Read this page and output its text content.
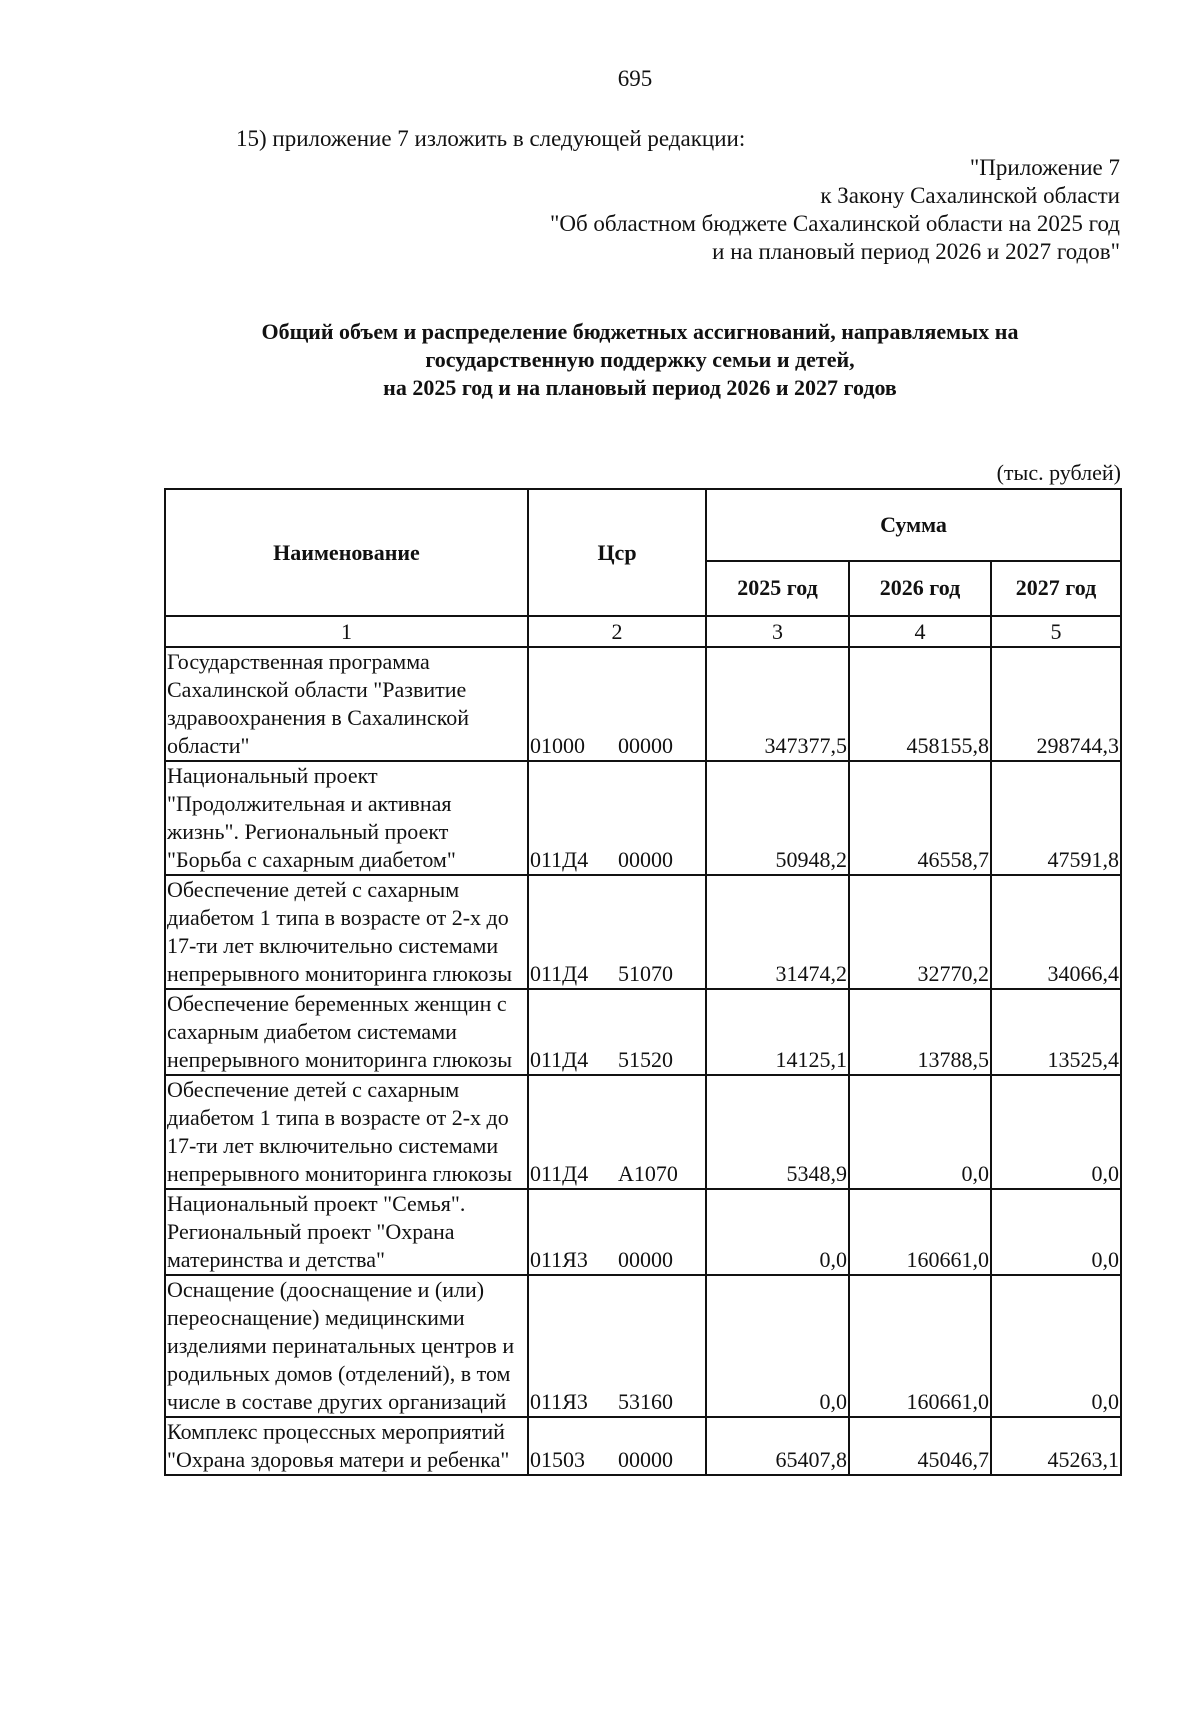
695
15) приложение 7 изложить в следующей редакции:
"Приложение 7
к Закону Сахалинской области
"Об областном бюджете Сахалинской области на 2025 год
и на плановый период 2026 и 2027 годов"
Общий объем и распределение бюджетных ассигнований, направляемых на
государственную поддержку семьи и детей,
на 2025 год и на плановый период 2026 и 2027 годов
(тыс. рублей)
Наименование	Цср	Сумма		
		2025 год	2026 год	2027 год
1	2	3	4	5
Государственная программа Сахалинской области "Развитие здравоохранения в Сахалинской области"	01000 00000	347377,5	458155,8	298744,3
Национальный проект "Продолжительная и активная жизнь". Региональный проект "Борьба с сахарным диабетом"	011Д4 00000	50948,2	46558,7	47591,8
Обеспечение детей с сахарным диабетом 1 типа в возрасте от 2-х до 17-ти лет включительно системами непрерывного мониторинга глюкозы	011Д4 51070	31474,2	32770,2	34066,4
Обеспечение беременных женщин с сахарным диабетом системами непрерывного мониторинга глюкозы	011Д4 51520	14125,1	13788,5	13525,4
Обеспечение детей с сахарным диабетом 1 типа в возрасте от 2-х до 17-ти лет включительно системами непрерывного мониторинга глюкозы	011Д4 А1070	5348,9	0,0	0,0
Национальный проект "Семья". Региональный проект "Охрана материнства и детства"	011Я3 00000	0,0	160661,0	0,0
Оснащение (дооснащение и (или) переоснащение) медицинскими изделиями перинатальных центров и родильных домов (отделений), в том числе в составе других организаций	011Я3 53160	0,0	160661,0	0,0
Комплекс процессных мероприятий "Охрана здоровья матери и ребенка"	01503 00000	65407,8	45046,7	45263,1
